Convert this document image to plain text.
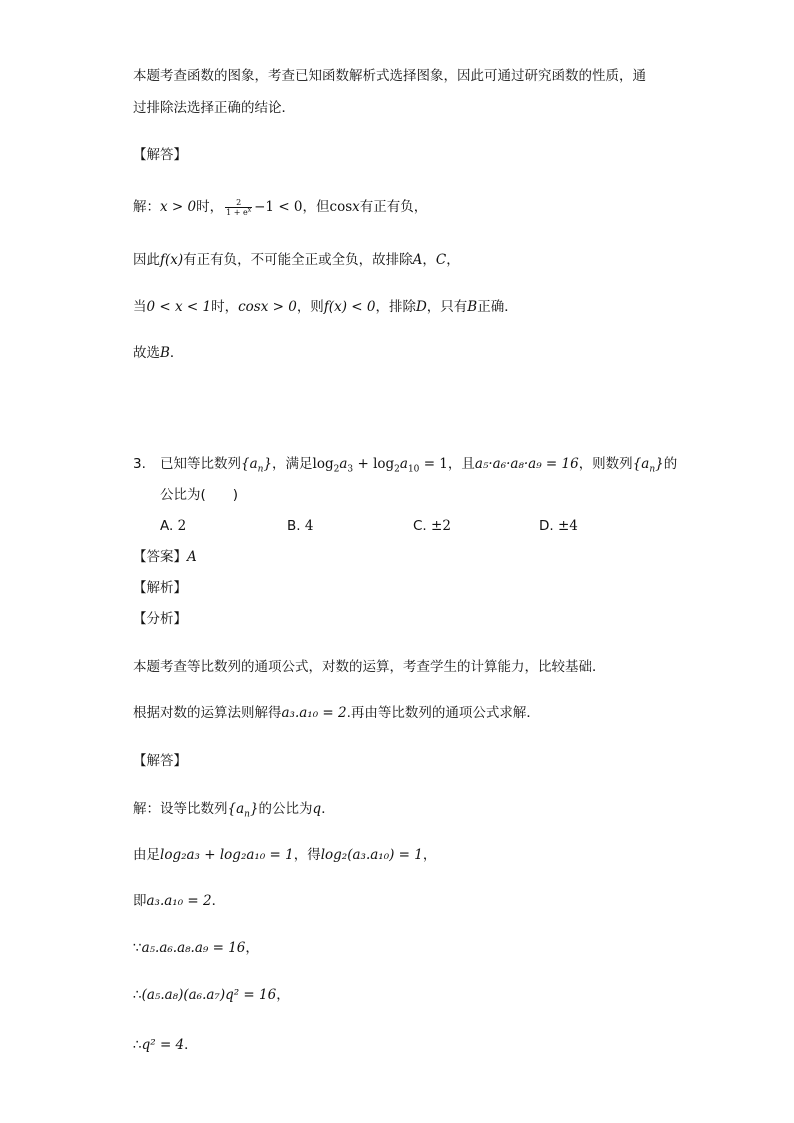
本题考查函数的图象，考查已知函数解析式选择图象，因此可通过研究函数的性质，通
过排除法选择正确的结论．
【解答】
解：x > 0时， $\frac{2}{1 + e^x} -1 < 0$，但cosx有正有负，
因此f(x)有正有负，不可能全正或全负，故排除A，C，
当0 < x < 1时，cosx > 0，则f(x) < 0，排除D，只有B正确．
故选B．
3. 已知等比数列$\{a_n\}$，满足$\log_2a_3 + \log_2a_{10} = 1$，且a₅·a₆·a₈·a₉ = 16，则数列$\{a_n\}$的
公比为(　　)
A. 2	B. 4	C. ±2	D. ±4
【答案】A
【解析】
【分析】
本题考查等比数列的通项公式，对数的运算，考查学生的计算能力，比较基础．
根据对数的运算法则解得a₃.a₁₀ = 2.再由等比数列的通项公式求解．
【解答】
解：设等比数列$\{a_n\}$的公比为q．
由足log₂a₃ + log₂a₁₀ = 1，得log₂(a₃.a₁₀) = 1，
即a₃.a₁₀ = 2．
∵a₅.a₆.a₈.a₉ = 16，
∴(a₅.a₈)(a₆.a₇)q² = 16，
∴q² = 4．
